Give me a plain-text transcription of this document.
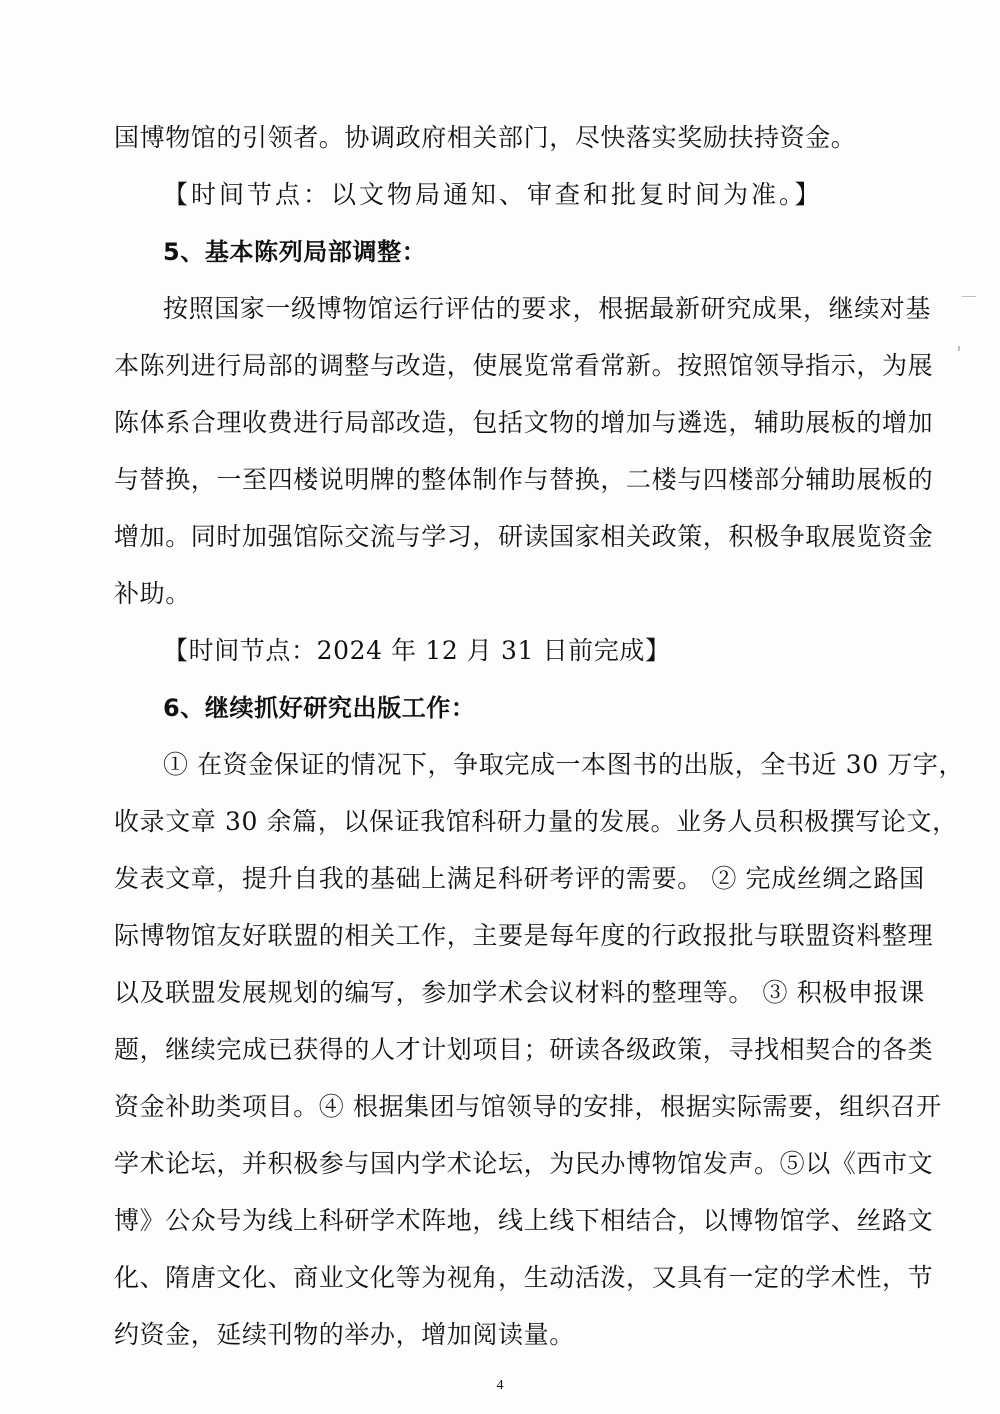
国博物馆的引领者。协调政府相关部门，尽快落实奖励扶持资金。
【时间节点：以文物局通知、审查和批复时间为准。】
5、基本陈列局部调整：
按照国家一级博物馆运行评估的要求，根据最新研究成果，继续对基
本陈列进行局部的调整与改造，使展览常看常新。按照馆领导指示，为展
陈体系合理收费进行局部改造，包括文物的增加与遴选，辅助展板的增加
与替换，一至四楼说明牌的整体制作与替换，二楼与四楼部分辅助展板的
增加。同时加强馆际交流与学习，研读国家相关政策，积极争取展览资金
补助。
【时间节点：2024 年 12 月 31 日前完成】
6、继续抓好研究出版工作：
① 在资金保证的情况下，争取完成一本图书的出版，全书近 30 万字，
收录文章 30 余篇，以保证我馆科研力量的发展。业务人员积极撰写论文，
发表文章，提升自我的基础上满足科研考评的需要。 ② 完成丝绸之路国
际博物馆友好联盟的相关工作，主要是每年度的行政报批与联盟资料整理
以及联盟发展规划的编写，参加学术会议材料的整理等。 ③ 积极申报课
题，继续完成已获得的人才计划项目；研读各级政策，寻找相契合的各类
资金补助类项目。④ 根据集团与馆领导的安排，根据实际需要，组织召开
学术论坛，并积极参与国内学术论坛，为民办博物馆发声。⑤以《西市文
博》公众号为线上科研学术阵地，线上线下相结合，以博物馆学、丝路文
化、隋唐文化、商业文化等为视角，生动活泼，又具有一定的学术性，节
约资金，延续刊物的举办，增加阅读量。
4
